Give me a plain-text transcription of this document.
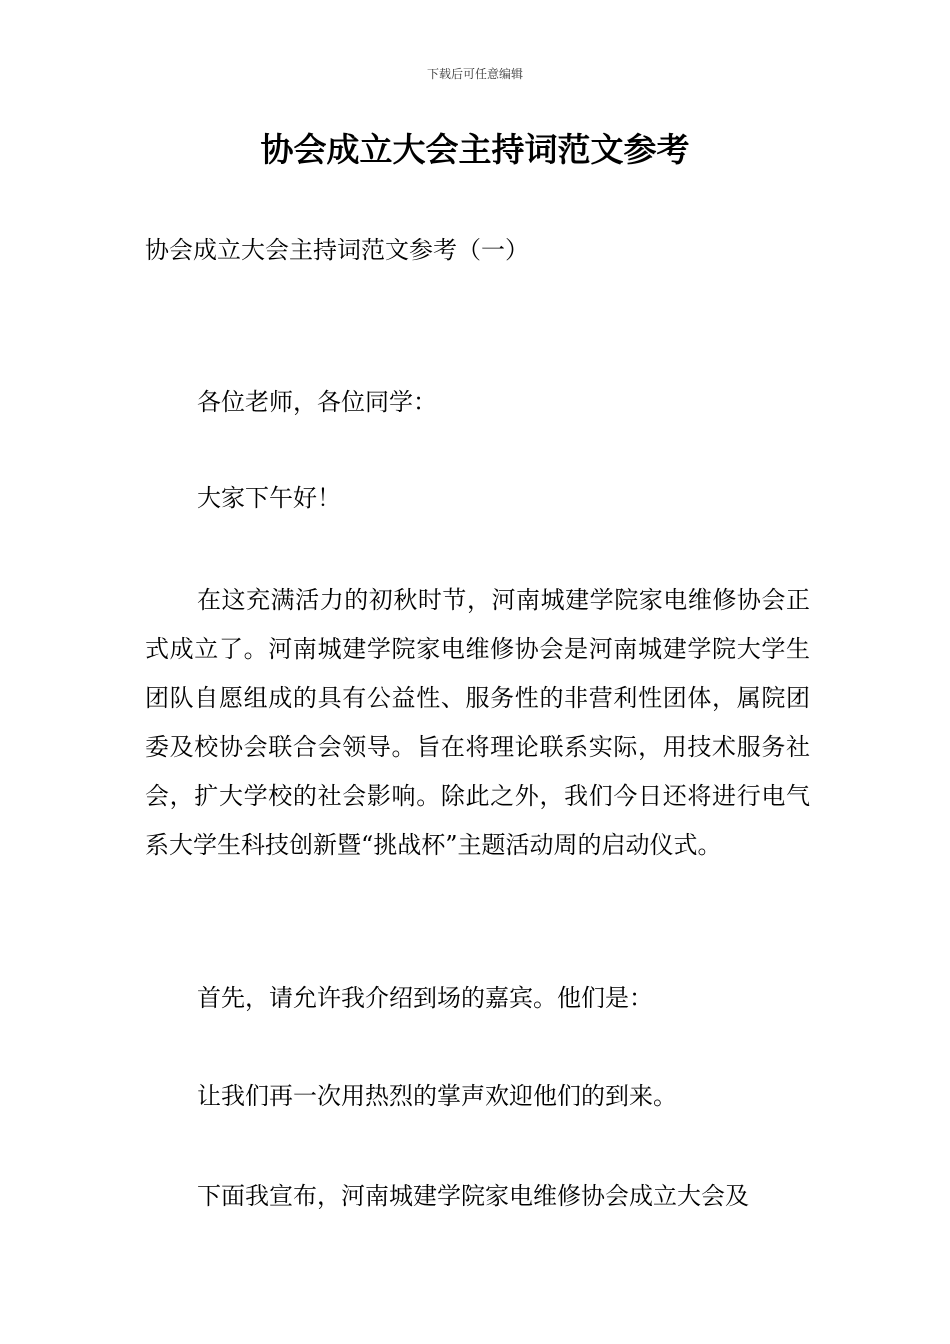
下载后可任意编辑
协会成立大会主持词范文参考

协会成立大会主持词范文参考（一）

各位老师，各位同学：

大家下午好！

在这充满活力的初秋时节，河南城建学院家电维修协会正式成立了。河南城建学院家电维修协会是河南城建学院大学生团队自愿组成的具有公益性、服务性的非营利性团体，属院团委及校协会联合会领导。旨在将理论联系实际，用技术服务社会，扩大学校的社会影响。除此之外，我们今日还将进行电气系大学生科技创新暨“挑战杯”主题活动周的启动仪式。

首先，请允许我介绍到场的嘉宾。他们是：

让我们再一次用热烈的掌声欢迎他们的到来。

下面我宣布，河南城建学院家电维修协会成立大会及
